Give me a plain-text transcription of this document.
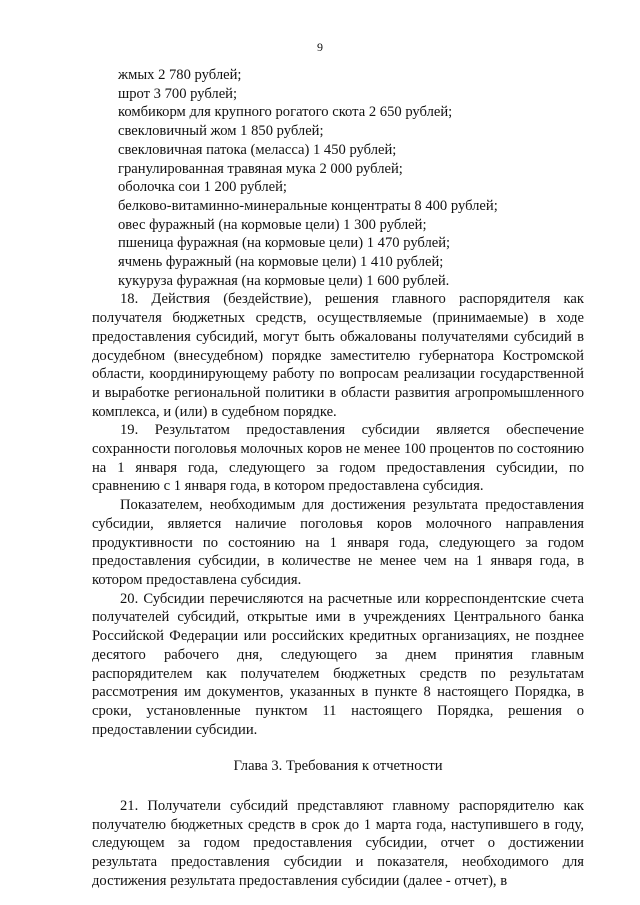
9
жмых 2 780 рублей;
шрот 3 700 рублей;
комбикорм для крупного рогатого скота 2 650 рублей;
свекловичный жом 1 850 рублей;
свекловичная патока (меласса) 1 450 рублей;
гранулированная травяная мука 2 000 рублей;
оболочка сои 1 200 рублей;
белково-витаминно-минеральные концентраты 8 400 рублей;
овес фуражный (на кормовые цели) 1 300 рублей;
пшеница фуражная (на кормовые цели) 1 470 рублей;
ячмень фуражный (на кормовые цели) 1 410 рублей;
кукуруза фуражная (на кормовые цели) 1 600 рублей.

18. Действия (бездействие), решения главного распорядителя как получателя бюджетных средств, осуществляемые (принимаемые) в ходе предоставления субсидий, могут быть обжалованы получателями субсидий в досудебном (внесудебном) порядке заместителю губернатора Костромской области, координирующему работу по вопросам реализации государственной и выработке региональной политики в области развития агропромышленного комплекса, и (или) в судебном порядке.

19. Результатом предоставления субсидии является обеспечение сохранности поголовья молочных коров не менее 100 процентов по состоянию на 1 января года, следующего за годом предоставления субсидии, по сравнению с 1 января года, в котором предоставлена субсидия.

Показателем, необходимым для достижения результата предоставления субсидии, является наличие поголовья коров молочного направления продуктивности по состоянию на 1 января года, следующего за годом предоставления субсидии, в количестве не менее чем на 1 января года, в котором предоставлена субсидия.

20. Субсидии перечисляются на расчетные или корреспондентские счета получателей субсидий, открытые ими в учреждениях Центрального банка Российской Федерации или российских кредитных организациях, не позднее десятого рабочего дня, следующего за днем принятия главным распорядителем как получателем бюджетных средств по результатам рассмотрения им документов, указанных в пункте 8 настоящего Порядка, в сроки, установленные пунктом 11 настоящего Порядка, решения о предоставлении субсидии.

Глава 3. Требования к отчетности

21. Получатели субсидий представляют главному распорядителю как получателю бюджетных средств в срок до 1 марта года, наступившего в году, следующем за годом предоставления субсидии, отчет о достижении результата предоставления субсидии и показателя, необходимого для достижения результата предоставления субсидии (далее - отчет), в
